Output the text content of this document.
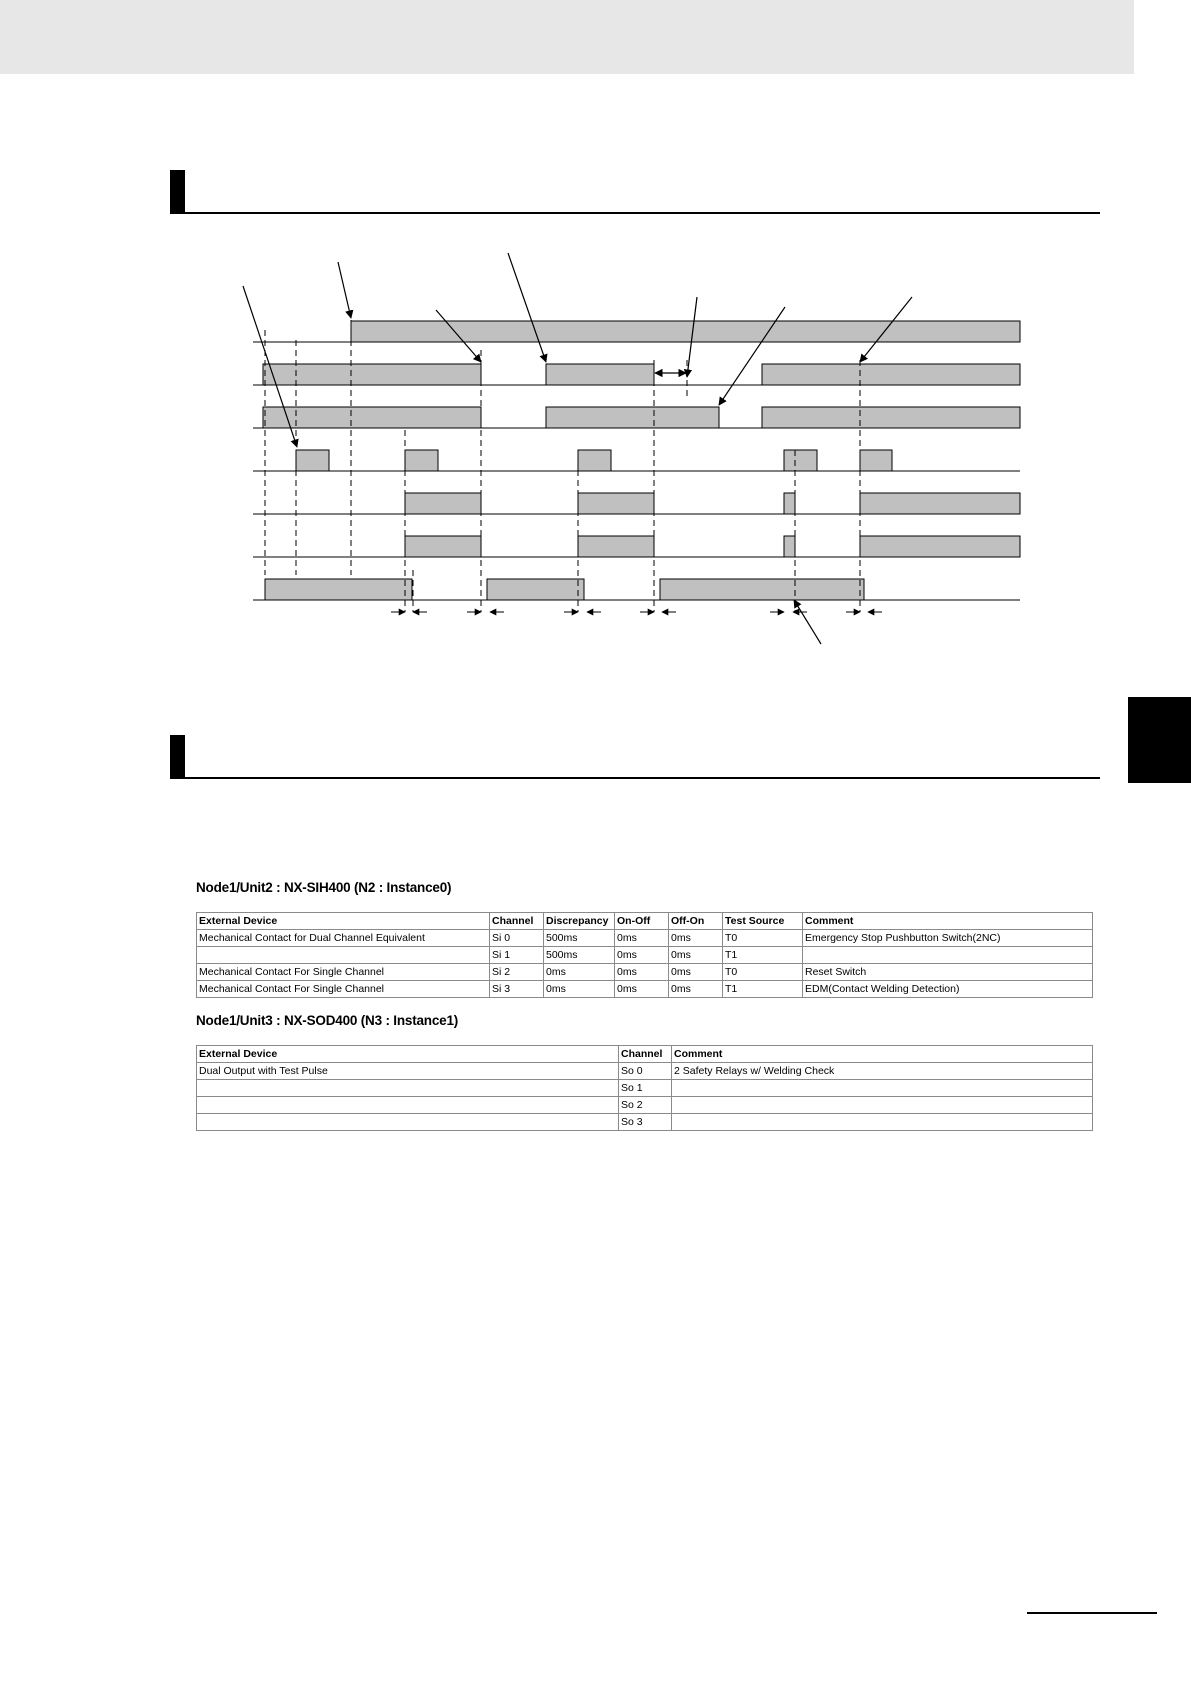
Node1/Unit2 : NX-SIH400 (N2 : Instance0)
External Device	Channel	Discrepancy	On-Off	Off-On	Test Source	Comment
Mechanical Contact for Dual Channel Equivalent	Si 0	500ms	0ms	0ms	T0	Emergency Stop Pushbutton Switch(2NC)
	Si 1	500ms	0ms	0ms	T1	
Mechanical Contact For Single Channel	Si 2	0ms	0ms	0ms	T0	Reset Switch
Mechanical Contact For Single Channel	Si 3	0ms	0ms	0ms	T1	EDM(Contact Welding Detection)
Node1/Unit3 : NX-SOD400 (N3 : Instance1)
External Device	Channel	Comment
Dual Output with Test Pulse	So 0	2 Safety Relays w/ Welding Check
	So 1	
	So 2	
	So 3	
